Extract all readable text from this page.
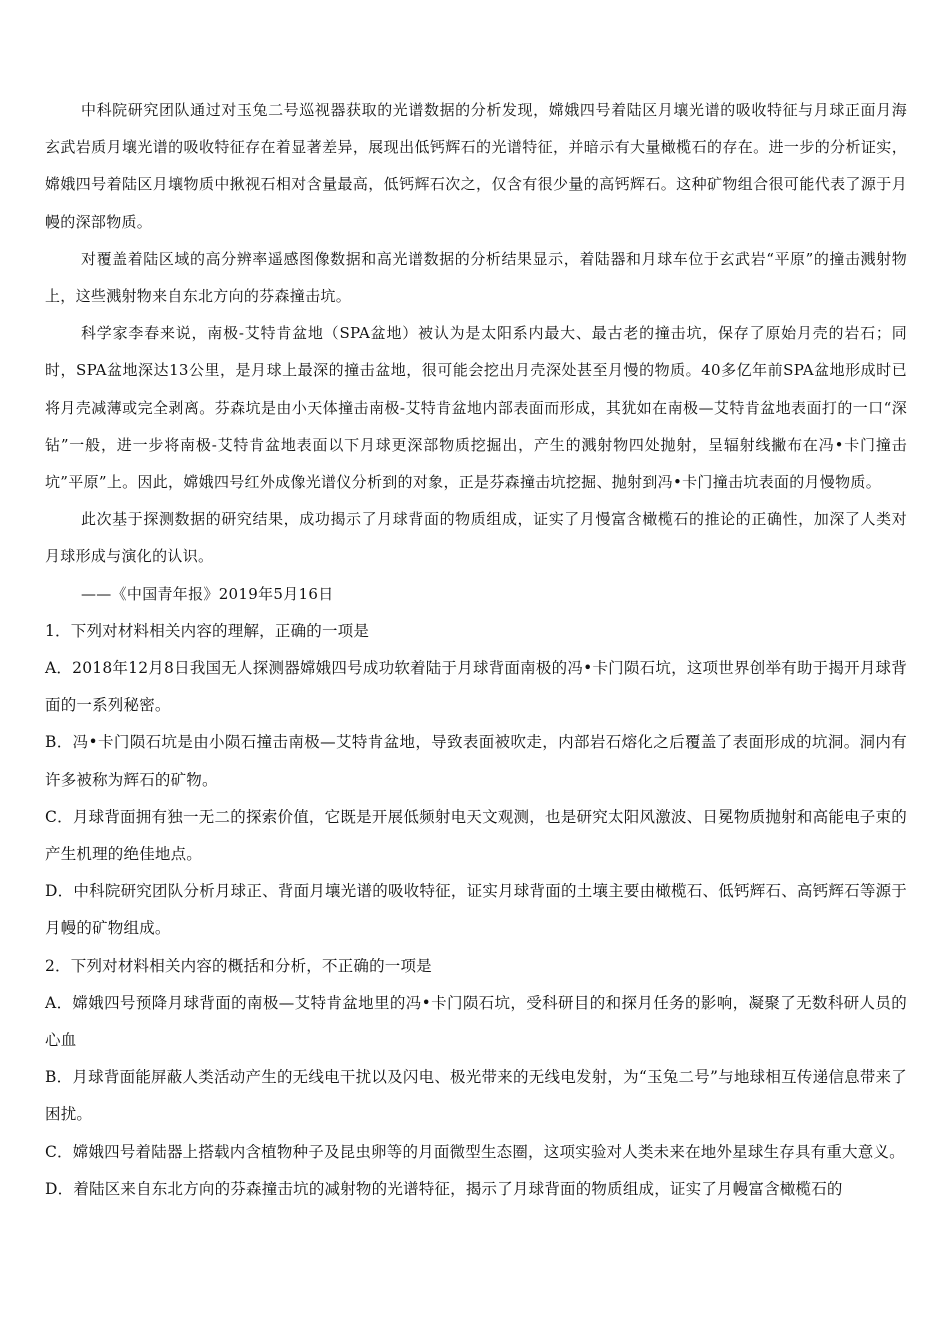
中科院研究团队通过对玉兔二号巡视器获取的光谱数据的分析发现，嫦娥四号着陆区月壤光谱的吸收特征与月球正面月海玄武岩质月壤光谱的吸收特征存在着显著差异，展现出低钙辉石的光谱特征，并暗示有大量橄榄石的存在。进一步的分析证实，嫦娥四号着陆区月壤物质中揪视石相对含量最高，低钙辉石次之，仅含有很少量的高钙辉石。这种矿物组合很可能代表了源于月幔的深部物质。

对覆盖着陆区域的高分辨率遥感图像数据和高光谱数据的分析结果显示，着陆器和月球车位于玄武岩“平原”的撞击溅射物上，这些溅射物来自东北方向的芬森撞击坑。

科学家李春来说，南极-艾特肯盆地（SPA盆地）被认为是太阳系内最大、最古老的撞击坑，保存了原始月壳的岩石；同时，SPA盆地深达13公里，是月球上最深的撞击盆地，很可能会挖出月壳深处甚至月慢的物质。40多亿年前SPA盆地形成时已将月壳减薄或完全剥离。芬森坑是由小天体撞击南极-艾特肯盆地内部表面而形成，其犹如在南极—艾特肯盆地表面打的一口“深钻”一般，进一步将南极-艾特肯盆地表面以下月球更深部物质挖掘出，产生的溅射物四处抛射，呈辐射线撇布在冯•卡门撞击坑”平原”上。因此，嫦娥四号红外成像光谱仪分析到的对象，正是芬森撞击坑挖掘、抛射到冯•卡门撞击坑表面的月慢物质。

此次基于探测数据的研究结果，成功揭示了月球背面的物质组成，证实了月慢富含橄榄石的推论的正确性，加深了人类对月球形成与演化的认识。

——《中国青年报》2019年5月16日

1．下列对材料相关内容的理解，正确的一项是

A．2018年12月8日我国无人探测器嫦娥四号成功软着陆于月球背面南极的冯•卡门陨石坑，这项世界创举有助于揭开月球背面的一系列秘密。

B．冯•卡门陨石坑是由小陨石撞击南极—艾特肯盆地，导致表面被吹走，内部岩石熔化之后覆盖了表面形成的坑洞。洞内有许多被称为辉石的矿物。

C．月球背面拥有独一无二的探索价值，它既是开展低频射电天文观测，也是研究太阳风激波、日冕物质抛射和高能电子束的产生机理的绝佳地点。

D．中科院研究团队分析月球正、背面月壤光谱的吸收特征，证实月球背面的土壤主要由橄榄石、低钙辉石、高钙辉石等源于月幔的矿物组成。

2．下列对材料相关内容的概括和分析，不正确的一项是

A．嫦娥四号预降月球背面的南极—艾特肯盆地里的冯•卡门陨石坑，受科研目的和探月任务的影响，凝聚了无数科研人员的心血

B．月球背面能屏蔽人类活动产生的无线电干扰以及闪电、极光带来的无线电发射，为“玉兔二号”与地球相互传递信息带来了困扰。

C．嫦娥四号着陆器上搭载内含植物种子及昆虫卵等的月面微型生态圈，这项实验对人类未来在地外星球生存具有重大意义。

D．着陆区来自东北方向的芬森撞击坑的减射物的光谱特征，揭示了月球背面的物质组成，证实了月幔富含橄榄石的
